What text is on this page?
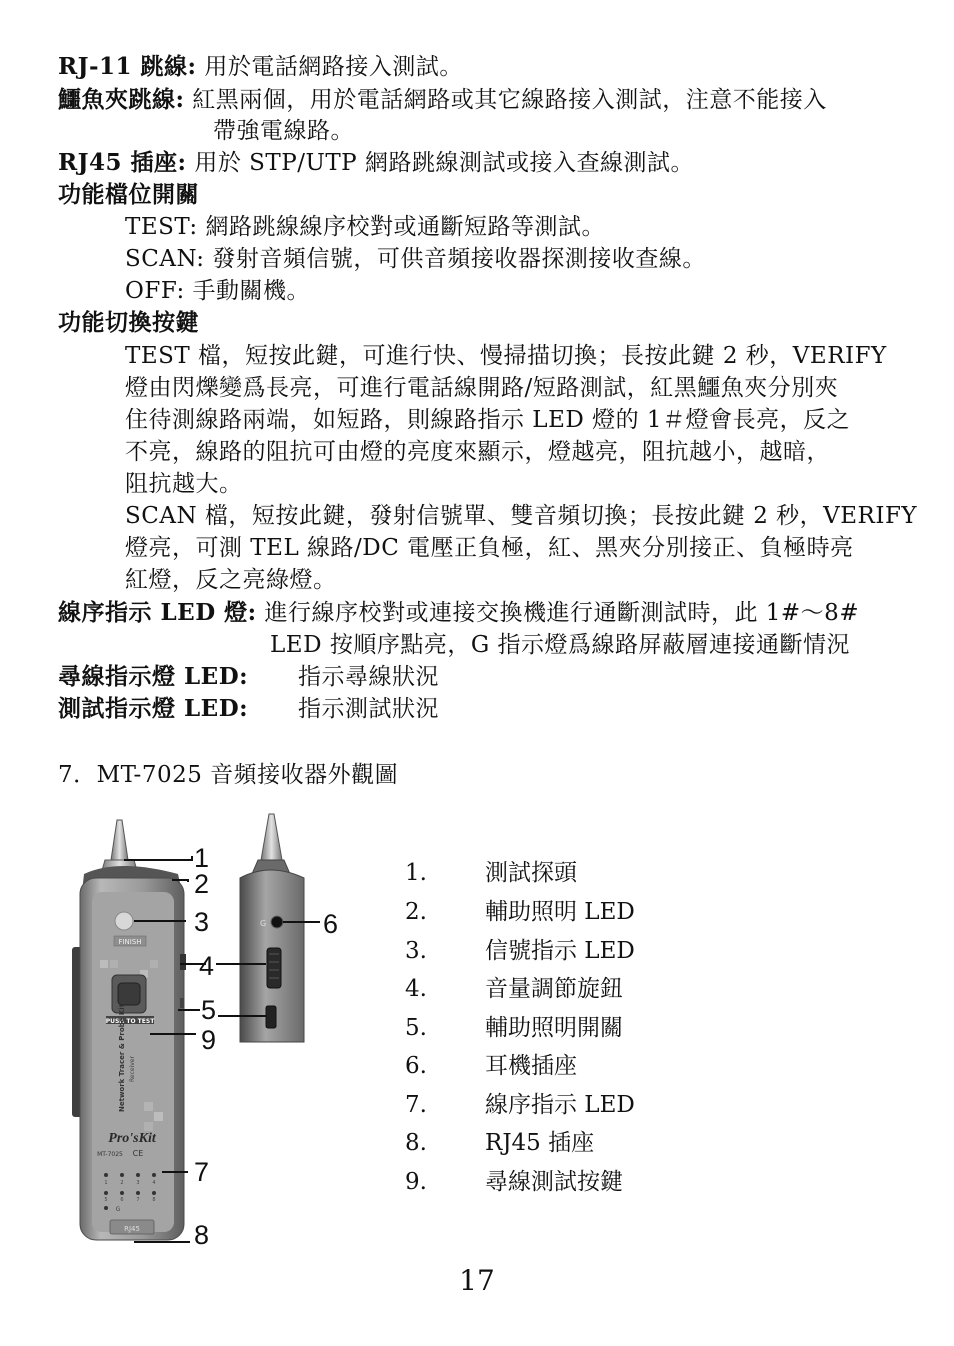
RJ-11 跳線: 用於電話網路接入測試。
鱷魚夾跳線: 紅黑兩個，用於電話網路或其它線路接入測試，注意不能接入
帶強電線路。
RJ45 插座: 用於 STP/UTP 網路跳線測試或接入查線測試。
功能檔位開關
TEST: 網路跳線線序校對或通斷短路等測試。
SCAN: 發射音頻信號，可供音頻接收器探測接收查線。
OFF: 手動關機。
功能切換按鍵
TEST 檔，短按此鍵，可進行快、慢掃描切換；長按此鍵 2 秒，VERIFY
燈由閃爍變爲長亮，可進行電話線開路/短路測試，紅黑鱷魚夾分別夾
住待測線路兩端，如短路，則線路指示 LED 燈的 1＃燈會長亮，反之
不亮，線路的阻抗可由燈的亮度來顯示，燈越亮，阻抗越小，越暗，
阻抗越大。
SCAN 檔，短按此鍵，發射信號單、雙音頻切換；長按此鍵 2 秒，VERIFY
燈亮，可測 TEL 線路/DC 電壓正負極，紅、黑夾分別接正、負極時亮
紅燈，反之亮綠燈。
線序指示 LED 燈: 進行線序校對或連接交換機進行通斷測試時，此 1#～8#
LED 按順序點亮，G 指示燈爲線路屏蔽層連接通斷情況
尋線指示燈 LED: 指示尋線狀況
測試指示燈 LED: 指示測試狀況
7．MT-7025 音頻接收器外觀圖
FINISH
PUSH TO TEST
Network Tracer & Probe Kit Receiver
Pro'sKit
MT-7025 CE
1	2	3	4
5	6	7	8
G
RJ45
G
1
2
3
4
5
6
7
8
9
1.	測試探頭
2.	輔助照明 LED
3.	信號指示 LED
4.	音量調節旋鈕
5.	輔助照明開關
6.	耳機插座
7.	線序指示 LED
8.	RJ45 插座
9.	尋線測試按鍵
17
